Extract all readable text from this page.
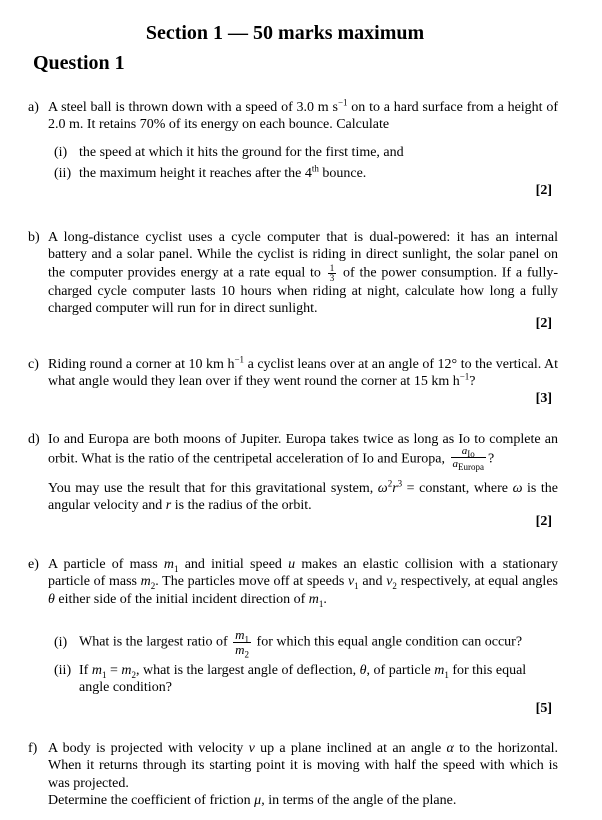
Section 1 — 50 marks maximum
Question 1
a) A steel ball is thrown down with a speed of 3.0 m $s^{-1}$ on to a hard surface from a height of 2.0 m. It retains 70% of its energy on each bounce. Calculate
(i) the speed at which it hits the ground for the first time, and
(ii) the maximum height it reaches after the 4th bounce.
[2]
b) A long-distance cyclist uses a cycle computer that is dual-powered: it has an internal battery and a solar panel. While the cyclist is riding in direct sunlight, the solar panel on the computer provides energy at a rate equal to $\frac{1}{3}$ of the power consumption. If a fully-charged cycle computer lasts 10 hours when riding at night, calculate how long a fully charged computer will run for in direct sunlight.
[2]
c) Riding round a corner at 10 km $h^{-1}$ a cyclist leans over at an angle of 12° to the vertical. At what angle would they lean over if they went round the corner at 15 km $h^{-1}$?
[3]
d) Io and Europa are both moons of Jupiter. Europa takes twice as long as Io to complete an orbit. What is the ratio of the centripetal acceleration of Io and Europa, $\frac{a_{Io}}{a_{Europa}}$ ?
You may use the result that for this gravitational system, $\omega^2r^3$ = constant, where ω is the angular velocity and r is the radius of the orbit.
[2]
e) A particle of mass $m_1$ and initial speed u makes an elastic collision with a stationary particle of mass $m_2$. The particles move off at speeds $v_1$ and $v_2$ respectively, at equal angles θ either side of the initial incident direction of $m_1$.
(i) What is the largest ratio of $\frac{m_1}{m_2}$ for which this equal angle condition can occur?
(ii) If $m_1 = m_2$, what is the largest angle of deflection, θ, of particle $m_1$ for this equal angle condition?
[5]
f) A body is projected with velocity v up a plane inclined at an angle α to the horizontal. When it returns through its starting point it is moving with half the speed with which is was projected.
Determine the coefficient of friction μ, in terms of the angle of the plane.
